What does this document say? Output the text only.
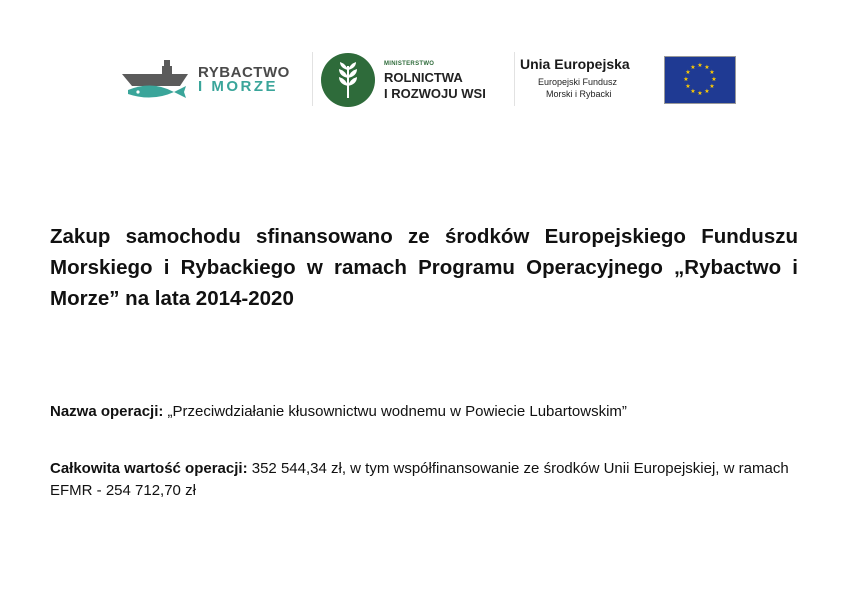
RYBACTWO
I MORZE
MINISTERSTWO
ROLNICTWA
I ROZWOJU WSI
Unia Europejska
Europejski Fundusz
Morski i Rybacki
★ ★
★
★
★
★
★
★
★
★
★
★
Zakup samochodu sfinansowano ze środków Europejskiego Funduszu Morskiego i Rybackiego w ramach Programu Operacyjnego „Rybactwo i Morze” na lata 2014-2020
Nazwa operacji: „Przeciwdziałanie kłusownictwu wodnemu w Powiecie Lubartowskim”
Całkowita wartość operacji: 352 544,34 zł, w tym współfinansowanie ze środków Unii Europejskiej, w ramach EFMR - 254 712,70 zł
